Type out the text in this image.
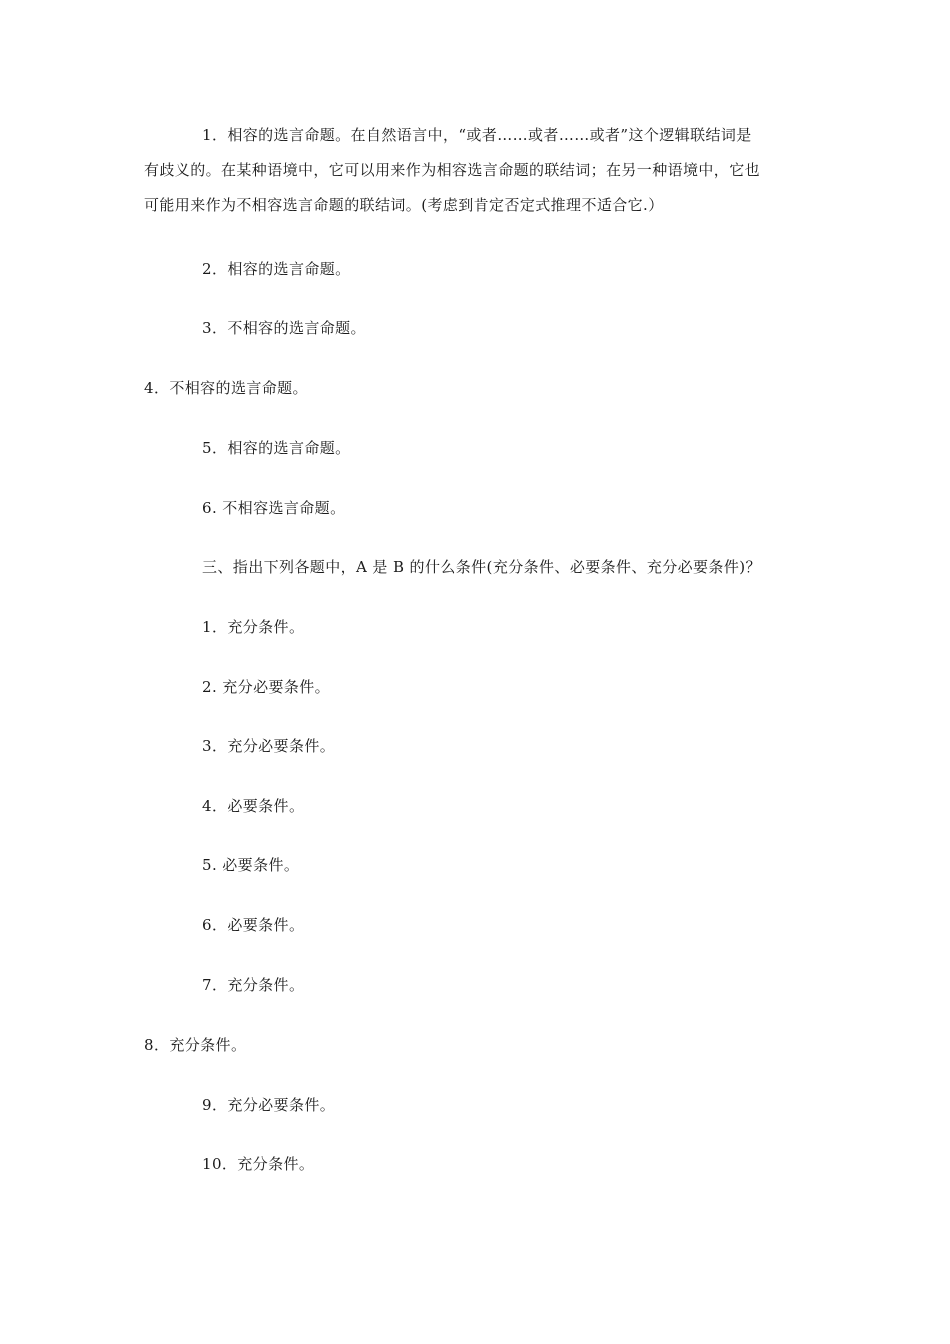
1．相容的选言命题。在自然语言中，“或者……或者……或者”这个逻辑联结词是
有歧义的。在某种语境中，它可以用来作为相容选言命题的联结词；在另一种语境中，它也
可能用来作为不相容选言命题的联结词。(考虑到肯定否定式推理不适合它.）
2．相容的选言命题。
3．不相容的选言命题。
4．不相容的选言命题。
5．相容的选言命题。
6. 不相容选言命题。
三、指出下列各题中，A 是 B 的什么条件(充分条件、必要条件、充分必要条件)？
1．充分条件。
2. 充分必要条件。
3．充分必要条件。
4．必要条件。
5. 必要条件。
6．必要条件。
7．充分条件。
8．充分条件。
9．充分必要条件。
10．充分条件。
